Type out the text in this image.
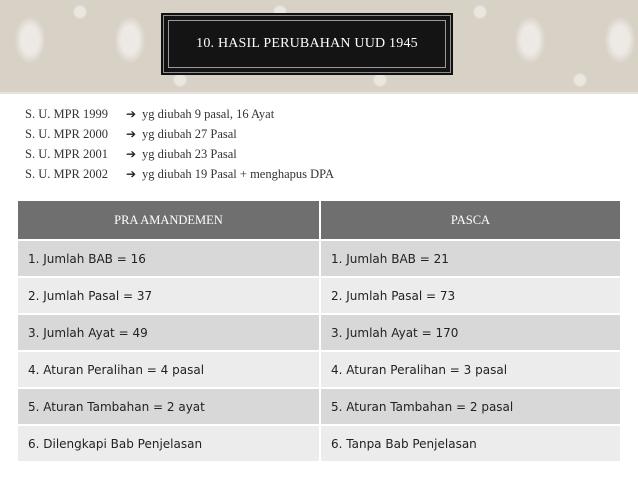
10. HASIL PERUBAHAN UUD 1945
S. U. MPR 1999	➔ yg diubah 9 pasal, 16 Ayat
S. U. MPR 2000	➔ yg diubah 27 Pasal
S. U. MPR 2001	➔ yg diubah 23 Pasal
S. U. MPR 2002	➔ yg diubah 19 Pasal + menghapus DPA
PRA AMANDEMEN	PASCA
1. Jumlah BAB = 16	1. Jumlah BAB = 21
2. Jumlah Pasal = 37	2. Jumlah Pasal = 73
3. Jumlah Ayat = 49	3. Jumlah Ayat = 170
4. Aturan Peralihan = 4 pasal	4. Aturan Peralihan = 3 pasal
5. Aturan Tambahan = 2 ayat	5. Aturan Tambahan = 2 pasal
6. Dilengkapi Bab Penjelasan	6. Tanpa Bab Penjelasan
